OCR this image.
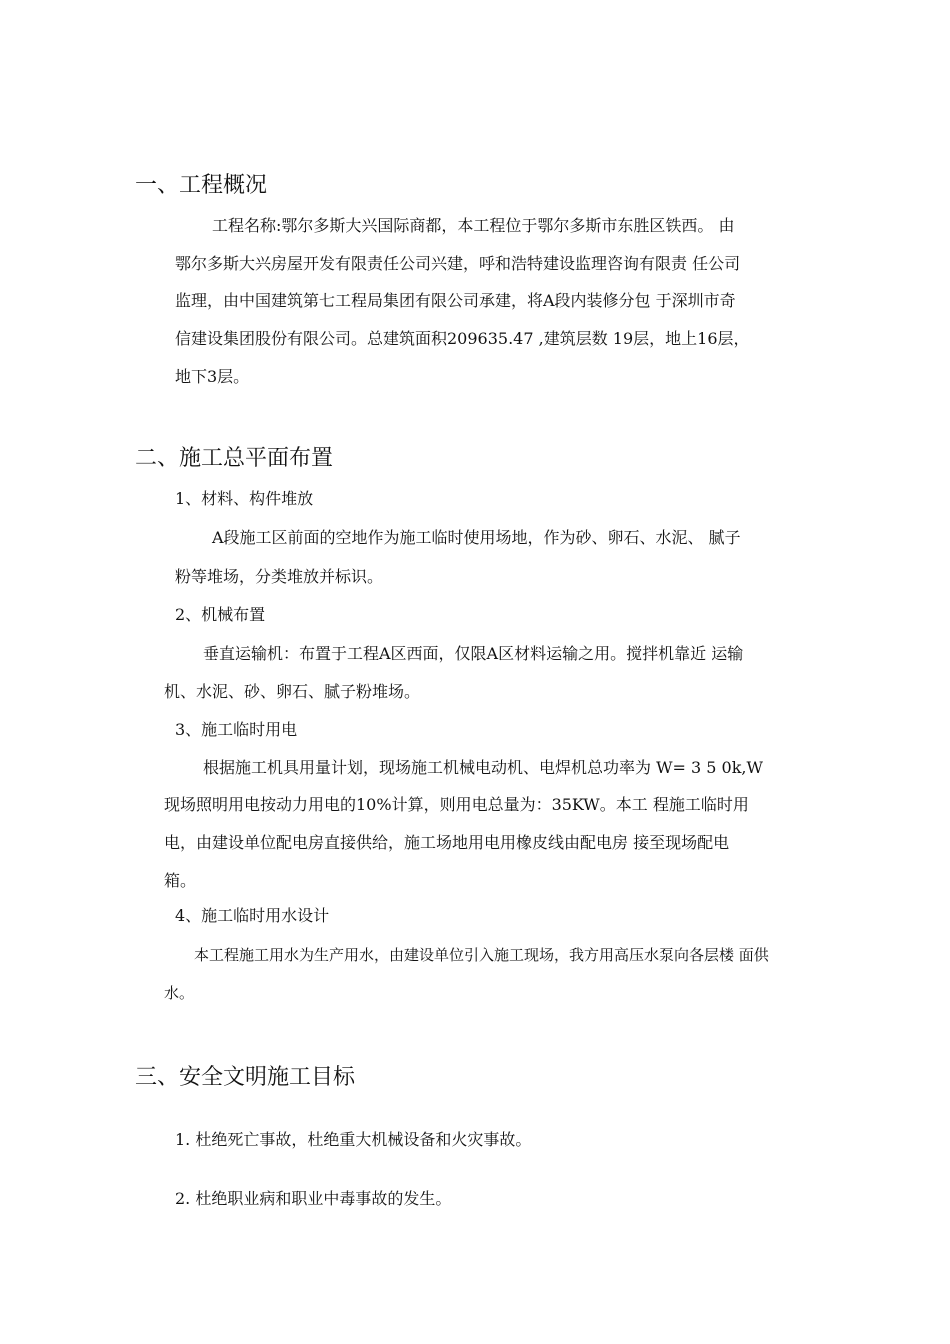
一、工程概况
工程名称:鄂尔多斯大兴国际商都，本工程位于鄂尔多斯市东胜区铁西。 由
鄂尔多斯大兴房屋开发有限责任公司兴建，呼和浩特建设监理咨询有限责 任公司
监理，由中国建筑第七工程局集团有限公司承建，将A段内装修分包 于深圳市奇
信建设集团股份有限公司。总建筑面积209635.47 ,建筑层数 19层，地上16层，
地下3层。
二、施工总平面布置
1、材料、构件堆放
A段施工区前面的空地作为施工临时使用场地，作为砂、卵石、水泥、 腻子
粉等堆场，分类堆放并标识。
2、机械布置
垂直运输机：布置于工程A区西面，仅限A区材料运输之用。搅拌机靠近 运输
机、水泥、砂、卵石、腻子粉堆场。
3、施工临时用电
根据施工机具用量计划，现场施工机械电动机、电焊机总功率为 W= 3 5 0k,W
现场照明用电按动力用电的10%计算，则用电总量为：35KW。本工 程施工临时用
电，由建设单位配电房直接供给，施工场地用电用橡皮线由配电房 接至现场配电
箱。
4、施工临时用水设计
本工程施工用水为生产用水，由建设单位引入施工现场，我方用高压水泵向各层楼 面供
水。
三、安全文明施工目标
1. 杜绝死亡事故，杜绝重大机械设备和火灾事故。
2. 杜绝职业病和职业中毒事故的发生。
